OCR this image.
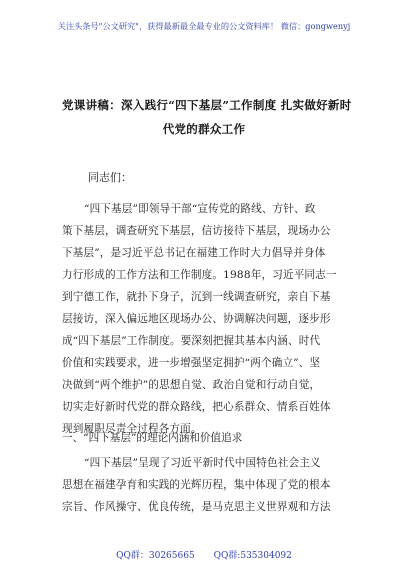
关注头条号"公文研究"，获得最新最全最专业的公文资料库！ 微信：gongwenyj
党课讲稿：深入践行“四下基层”工作制度 扎实做好新时
代党的群众工作
同志们：
“四下基层”即领导干部“宣传党的路线、方针、政
策下基层，调查研究下基层，信访接待下基层，现场办公
下基层”，是习近平总书记在福建工作时大力倡导并身体
力行形成的工作方法和工作制度。1988年，习近平同志一
到宁德工作，就扑下身子，沉到一线调查研究，亲自下基
层接访，深入偏远地区现场办公、协调解决问题，逐步形
成“四下基层”工作制度。要深刻把握其基本内涵、时代
价值和实践要求，进一步增强坚定拥护“两个确立”、坚
决做到“两个维护”的思想自觉、政治自觉和行动自觉，
切实走好新时代党的群众路线，把心系群众、情系百姓体
现到履职尽责全过程各方面。
一、“四下基层”的理论内涵和价值追求
“四下基层”呈现了习近平新时代中国特色社会主义
思想在福建孕育和实践的光辉历程，集中体现了党的根本
宗旨、作风操守、优良传统，是马克思主义世界观和方法
QQ群：30265665 QQ群:535304092
